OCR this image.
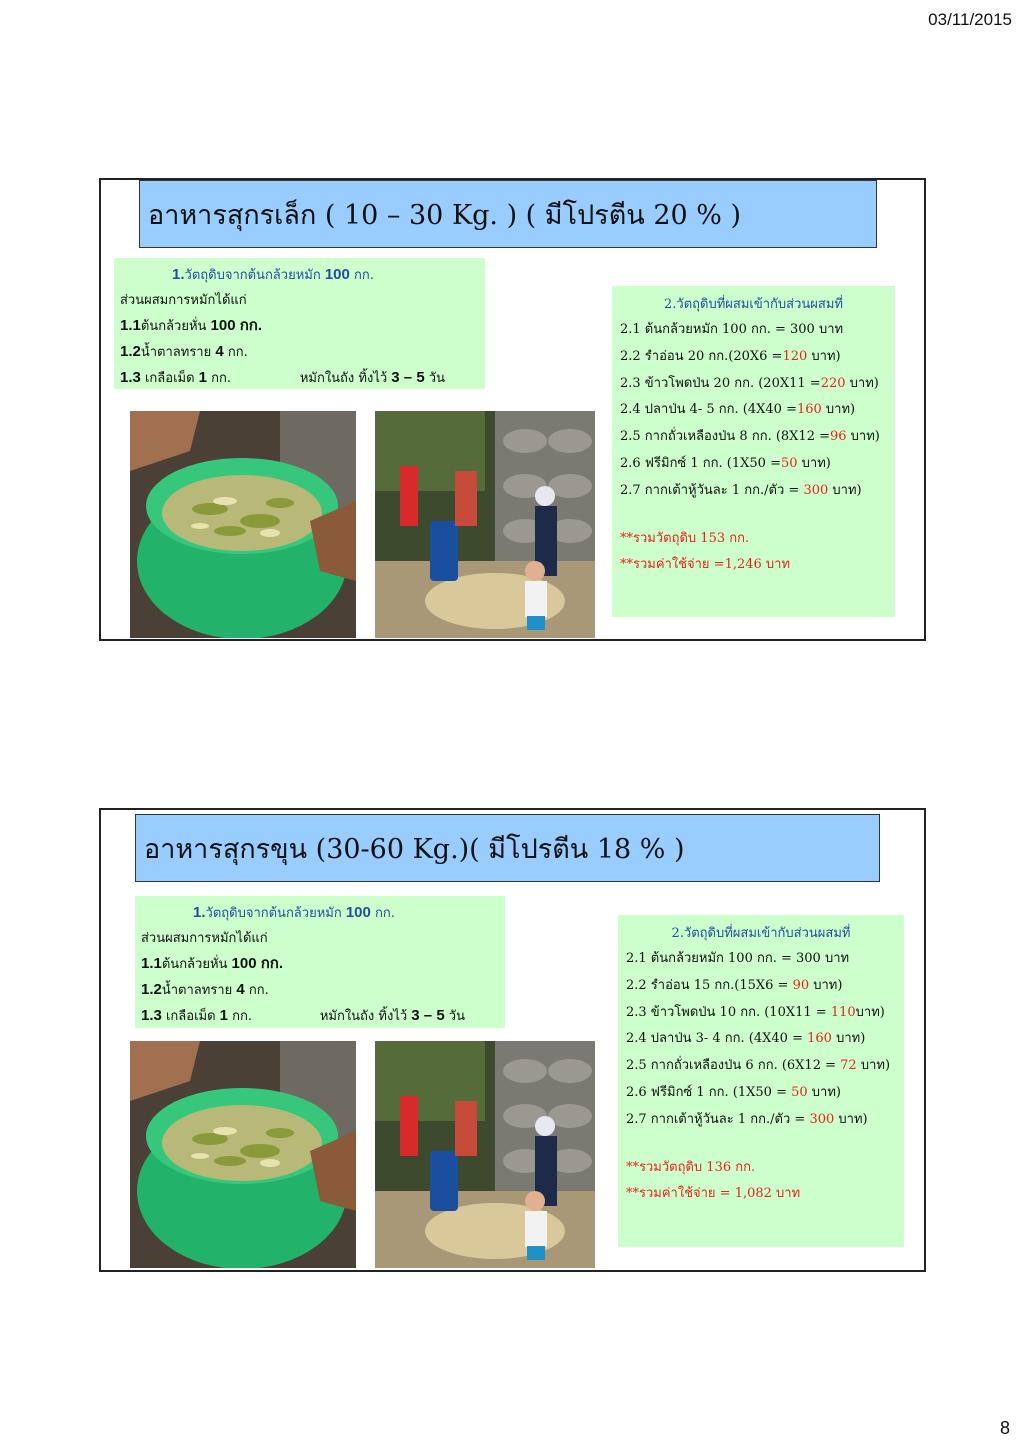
03/11/2015
อาหารสุกรเล็ก ( 10 – 30 Kg. ) ( มีโปรตีน 20 % )
1.วัตถุดิบจากต้นกล้วยหมัก 100 กก.
ส่วนผสมการหมักได้แก่
1.1ต้นกล้วยหั่น 100 กก.
1.2น้ำตาลทราย 4 กก.
1.3 เกลือเม็ด 1 กก.	หมักในถัง ทิ้งไว้ 3 – 5 วัน
2.วัตถุดิบที่ผสมเข้ากับส่วนผสมที่
2.1 ต้นกล้วยหมัก 100 กก. = 300 บาท
2.2 รำอ่อน 20 กก.(20X6 =120 บาท)
2.3 ข้าวโพดป่น 20 กก. (20X11 =220 บาท)
2.4 ปลาป่น 4- 5 กก. (4X40 =160 บาท)
2.5 กากถั่วเหลืองป่น 8 กก. (8X12 =96 บาท)
2.6 ฟรีมิกซ์ 1 กก. (1X50 =50 บาท)
2.7 กากเต้าหู้วันละ 1 กก./ตัว = 300 บาท)
**รวมวัตถุดิบ 153 กก.
**รวมค่าใช้จ่าย =1,246 บาท
อาหารสุกรขุน (30-60 Kg.)( มีโปรตีน 18 % )
1.วัตถุดิบจากต้นกล้วยหมัก 100 กก.
ส่วนผสมการหมักได้แก่
1.1ต้นกล้วยหั่น 100 กก.
1.2น้ำตาลทราย 4 กก.
1.3 เกลือเม็ด 1 กก.	หมักในถัง ทิ้งไว้ 3 – 5 วัน
2.วัตถุดิบที่ผสมเข้ากับส่วนผสมที่
2.1 ต้นกล้วยหมัก 100 กก. = 300 บาท
2.2 รำอ่อน 15 กก.(15X6 = 90 บาท)
2.3 ข้าวโพดป่น 10 กก. (10X11 = 110บาท)
2.4 ปลาป่น 3- 4 กก. (4X40 = 160 บาท)
2.5 กากถั่วเหลืองป่น 6 กก. (6X12 = 72 บาท)
2.6 ฟรีมิกซ์ 1 กก. (1X50 = 50 บาท)
2.7 กากเต้าหู้วันละ 1 กก./ตัว = 300 บาท)
**รวมวัตถุดิบ 136 กก.
**รวมค่าใช้จ่าย = 1,082 บาท
8
